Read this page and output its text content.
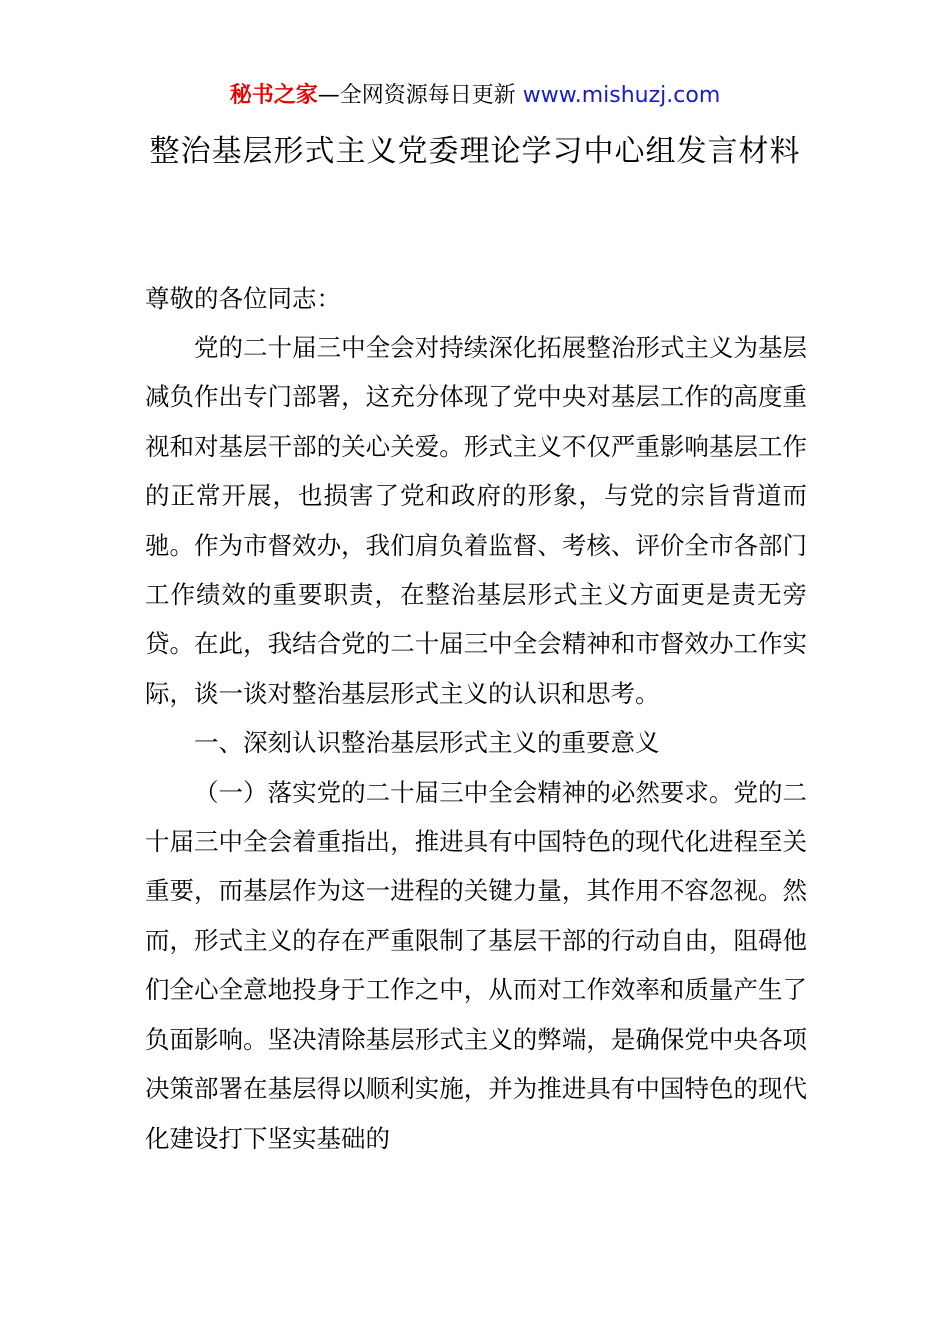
秘书之家—全网资源每日更新 www.mishuzj.com
整治基层形式主义党委理论学习中心组发言材料

尊敬的各位同志：

党的二十届三中全会对持续深化拓展整治形式主义为基层减负作出专门部署，这充分体现了党中央对基层工作的高度重视和对基层干部的关心关爱。形式主义不仅严重影响基层工作的正常开展，也损害了党和政府的形象，与党的宗旨背道而驰。作为市督效办，我们肩负着监督、考核、评价全市各部门工作绩效的重要职责，在整治基层形式主义方面更是责无旁贷。在此，我结合党的二十届三中全会精神和市督效办工作实际，谈一谈对整治基层形式主义的认识和思考。

一、深刻认识整治基层形式主义的重要意义

（一）落实党的二十届三中全会精神的必然要求。党的二十届三中全会着重指出，推进具有中国特色的现代化进程至关重要，而基层作为这一进程的关键力量，其作用不容忽视。然而，形式主义的存在严重限制了基层干部的行动自由，阻碍他们全心全意地投身于工作之中，从而对工作效率和质量产生了负面影响。坚决清除基层形式主义的弊端，是确保党中央各项决策部署在基层得以顺利实施，并为推进具有中国特色的现代化建设打下坚实基础的
